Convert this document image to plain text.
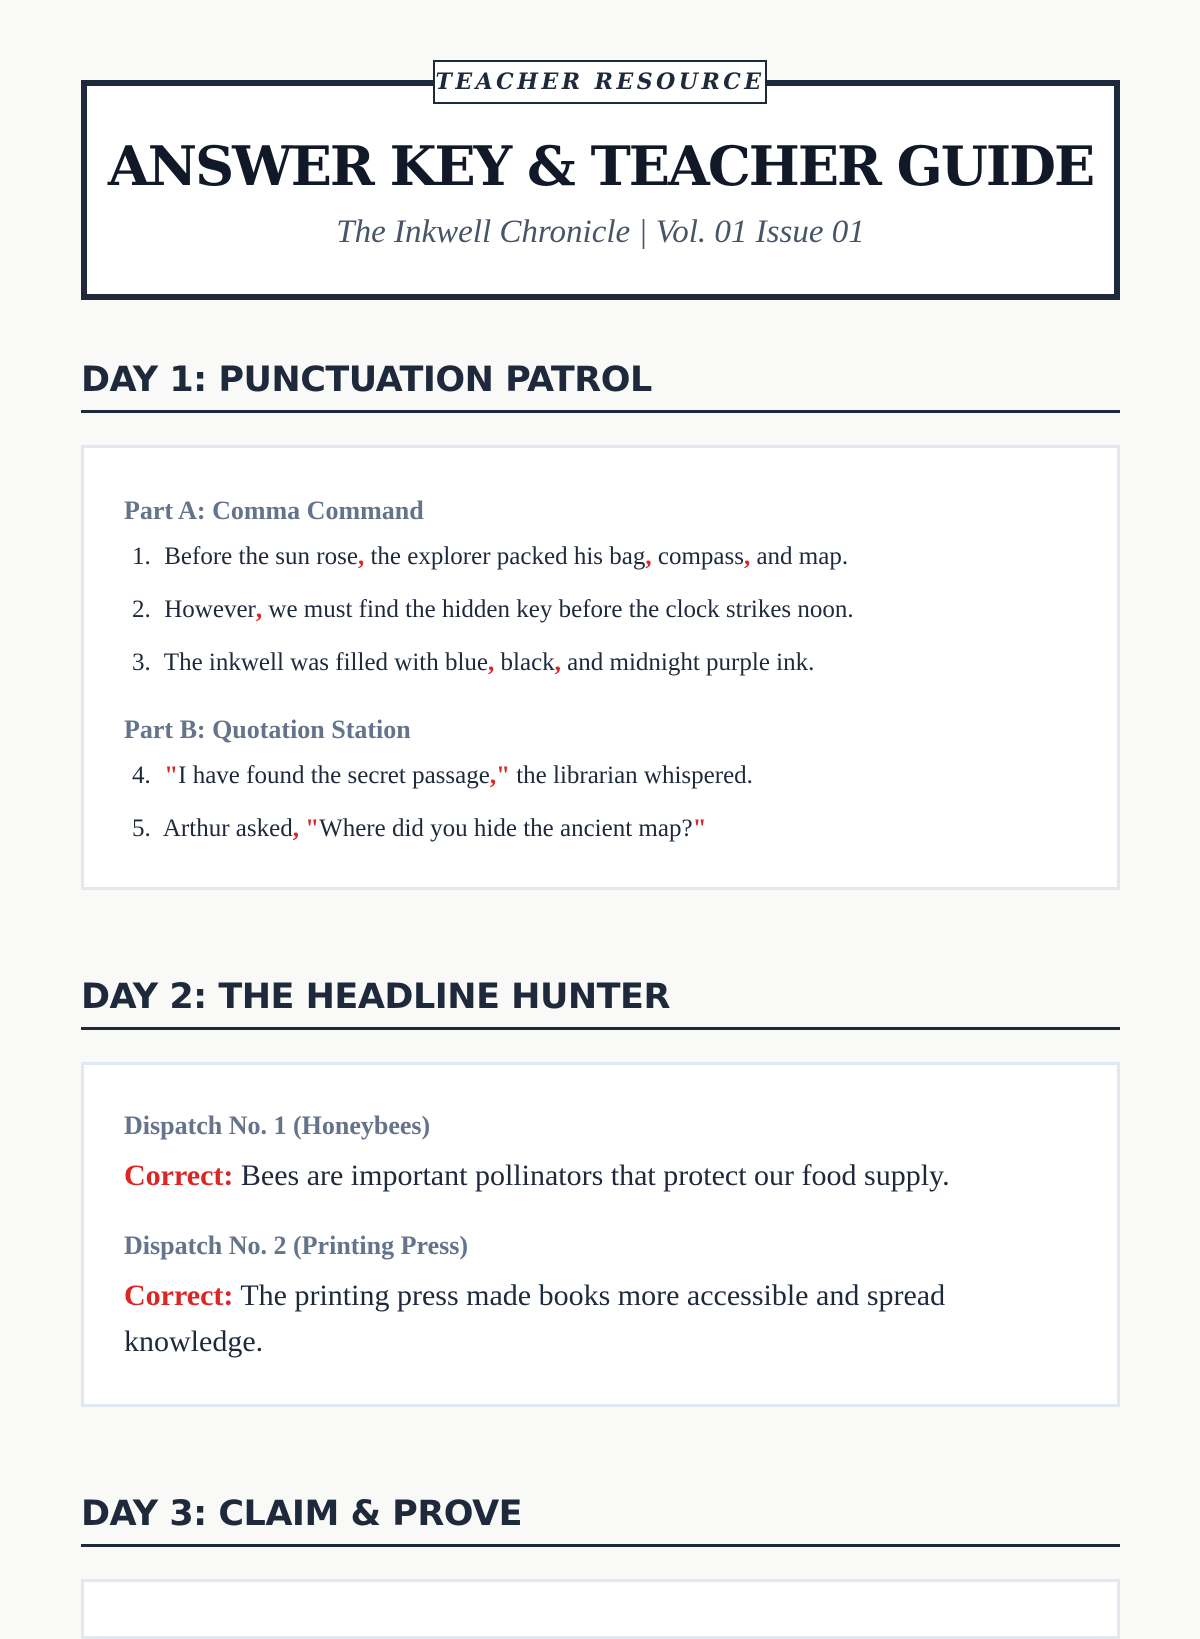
TEACHER RESOURCE
ANSWER KEY & TEACHER GUIDE
The Inkwell Chronicle | Vol. 01 Issue 01
DAY 1: PUNCTUATION PATROL
Part A: Comma Command
1. Before the sun rose, the explorer packed his bag, compass, and map.
2. However, we must find the hidden key before the clock strikes noon.
3. The inkwell was filled with blue, black, and midnight purple ink.
Part B: Quotation Station
4. "I have found the secret passage," the librarian whispered.
5. Arthur asked, "Where did you hide the ancient map?"
DAY 2: THE HEADLINE HUNTER
Dispatch No. 1 (Honeybees)
Correct: Bees are important pollinators that protect our food supply.
Dispatch No. 2 (Printing Press)
Correct: The printing press made books more accessible and spread knowledge.
DAY 3: CLAIM & PROVE
